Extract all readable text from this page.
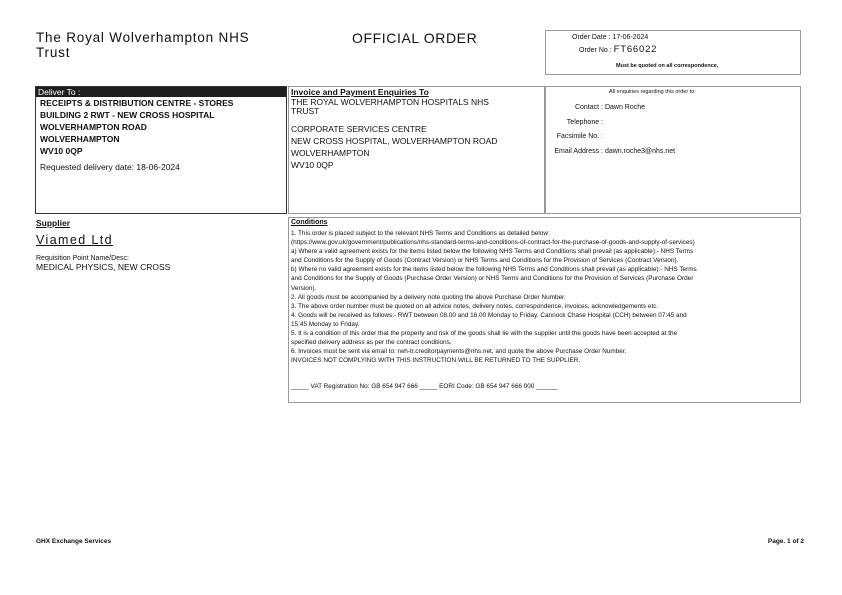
The Royal Wolverhampton NHS
Trust
OFFICIAL ORDER	Order Date : 17-06-2024
Order No : FT66022
Must be quoted on all correspondence.
Deliver To :
RECEIPTS & DISTRIBUTION CENTRE - STORES
BUILDING 2 RWT - NEW CROSS HOSPITAL
WOLVERHAMPTON ROAD
WOLVERHAMPTON
WV10 0QP
Requested delivery date: 18-06-2024
Invoice and Payment Enquiries To
THE ROYAL WOLVERHAMPTON HOSPITALS NHS
TRUST
CORPORATE SERVICES CENTRE
NEW CROSS HOSPITAL, WOLVERHAMPTON ROAD
WOLVERHAMPTON
WV10 0QP
All enquiries regarding this order to:
Contact : Dawn Roche
Telephone :
Facsimile No. :
Email Address : dawn.roche3@nhs.net
Supplier
Viamed Ltd
Requisition Point Name/Desc:
MEDICAL PHYSICS, NEW CROSS
Conditions
1. This order is placed subject to the relevant NHS Terms and Conditions as detailed below:
(https://www.gov.uk/government/publications/nhs-standard-terms-and-conditions-of-contract-for-the-purchase-of-goods-and-supply-of-services)
a) Where a valid agreement exists for the items listed below the following NHS Terms and Conditions shall prevail (as applicable):- NHS Terms
and Conditions for the Supply of Goods (Contract Version) or NHS Terms and Conditions for the Provision of Services (Contract Version).
b) Where no valid agreement exists for the items listed below the following NHS Terms and Conditions shall prevail (as applicable):- NHS Terms
and Conditions for the Supply of Goods (Purchase Order Version) or NHS Terms and Conditions for the Provision of Services (Purchase Order
Version).
2. All goods must be accompanied by a delivery note quoting the above Purchase Order Number.
3. The above order number must be quoted on all advice notes, delivery notes, correspondence, invoices, acknowledgements etc.
4. Goods will be received as follows:- RWT between 08.00 and 16.00 Monday to Friday. Cannock Chase Hospital (CCH) between 07:45 and
15:45 Monday to Friday.
5. It is a condition of this order that the property and risk of the goods shall lie with the supplier until the goods have been accepted at the
specified delivery address as per the contract conditions.
6. Invoices must be sent via email to: rwh-tr.creditorpayments@nhs.net, and quote the above Purchase Order Number.
INVOICES NOT COMPLYING WITH THIS INSTRUCTION WILL BE RETURNED TO THE SUPPLIER.
_____ VAT Registration No: GB 654 947 666 _____ EORI Code: GB 654 947 666 000 ______
GHX Exchange Services	Page. 1 of 2
